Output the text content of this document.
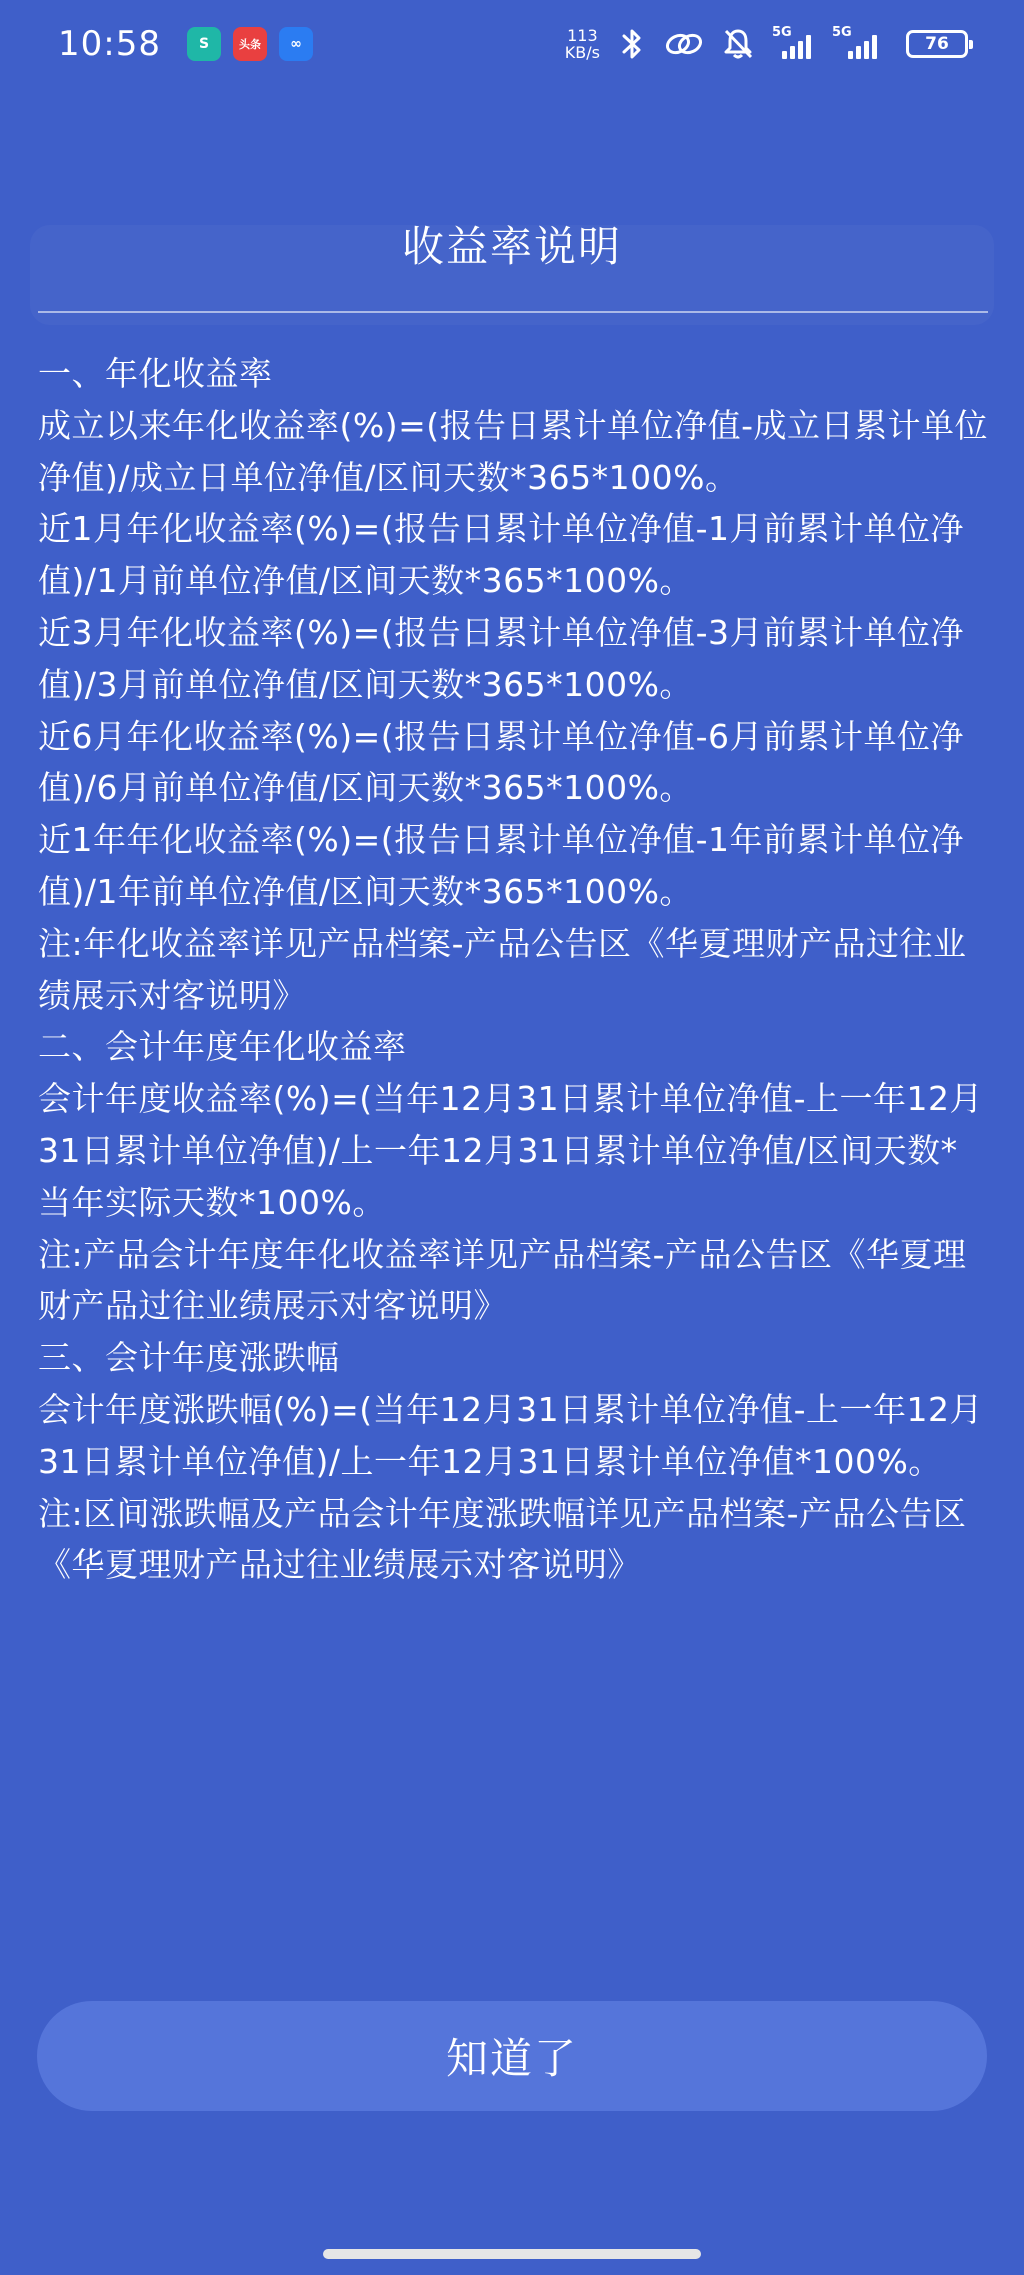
10:58	S	头条	∞	113
KB/s
5G	5G
76
收益率说明

一、年化收益率

成立以来年化收益率(%)=(报告日累计单位净值-成立日累计单位净值)/成立日单位净值/区间天数*365*100%。

近1月年化收益率(%)=(报告日累计单位净值-1月前累计单位净值)/1月前单位净值/区间天数*365*100%。

近3月年化收益率(%)=(报告日累计单位净值-3月前累计单位净值)/3月前单位净值/区间天数*365*100%。

近6月年化收益率(%)=(报告日累计单位净值-6月前累计单位净值)/6月前单位净值/区间天数*365*100%。

近1年年化收益率(%)=(报告日累计单位净值-1年前累计单位净值)/1年前单位净值/区间天数*365*100%。

注:年化收益率详见产品档案-产品公告区《华夏理财产品过往业绩展示对客说明》

二、会计年度年化收益率

会计年度收益率(%)=(当年12月31日累计单位净值-上一年12月31日累计单位净值)/上一年12月31日累计单位净值/区间天数*当年实际天数*100%。

注:产品会计年度年化收益率详见产品档案-产品公告区《华夏理财产品过往业绩展示对客说明》

三、会计年度涨跌幅

会计年度涨跌幅(%)=(当年12月31日累计单位净值-上一年12月31日累计单位净值)/上一年12月31日累计单位净值*100%。

注:区间涨跌幅及产品会计年度涨跌幅详见产品档案-产品公告区《华夏理财产品过往业绩展示对客说明》

知道了
